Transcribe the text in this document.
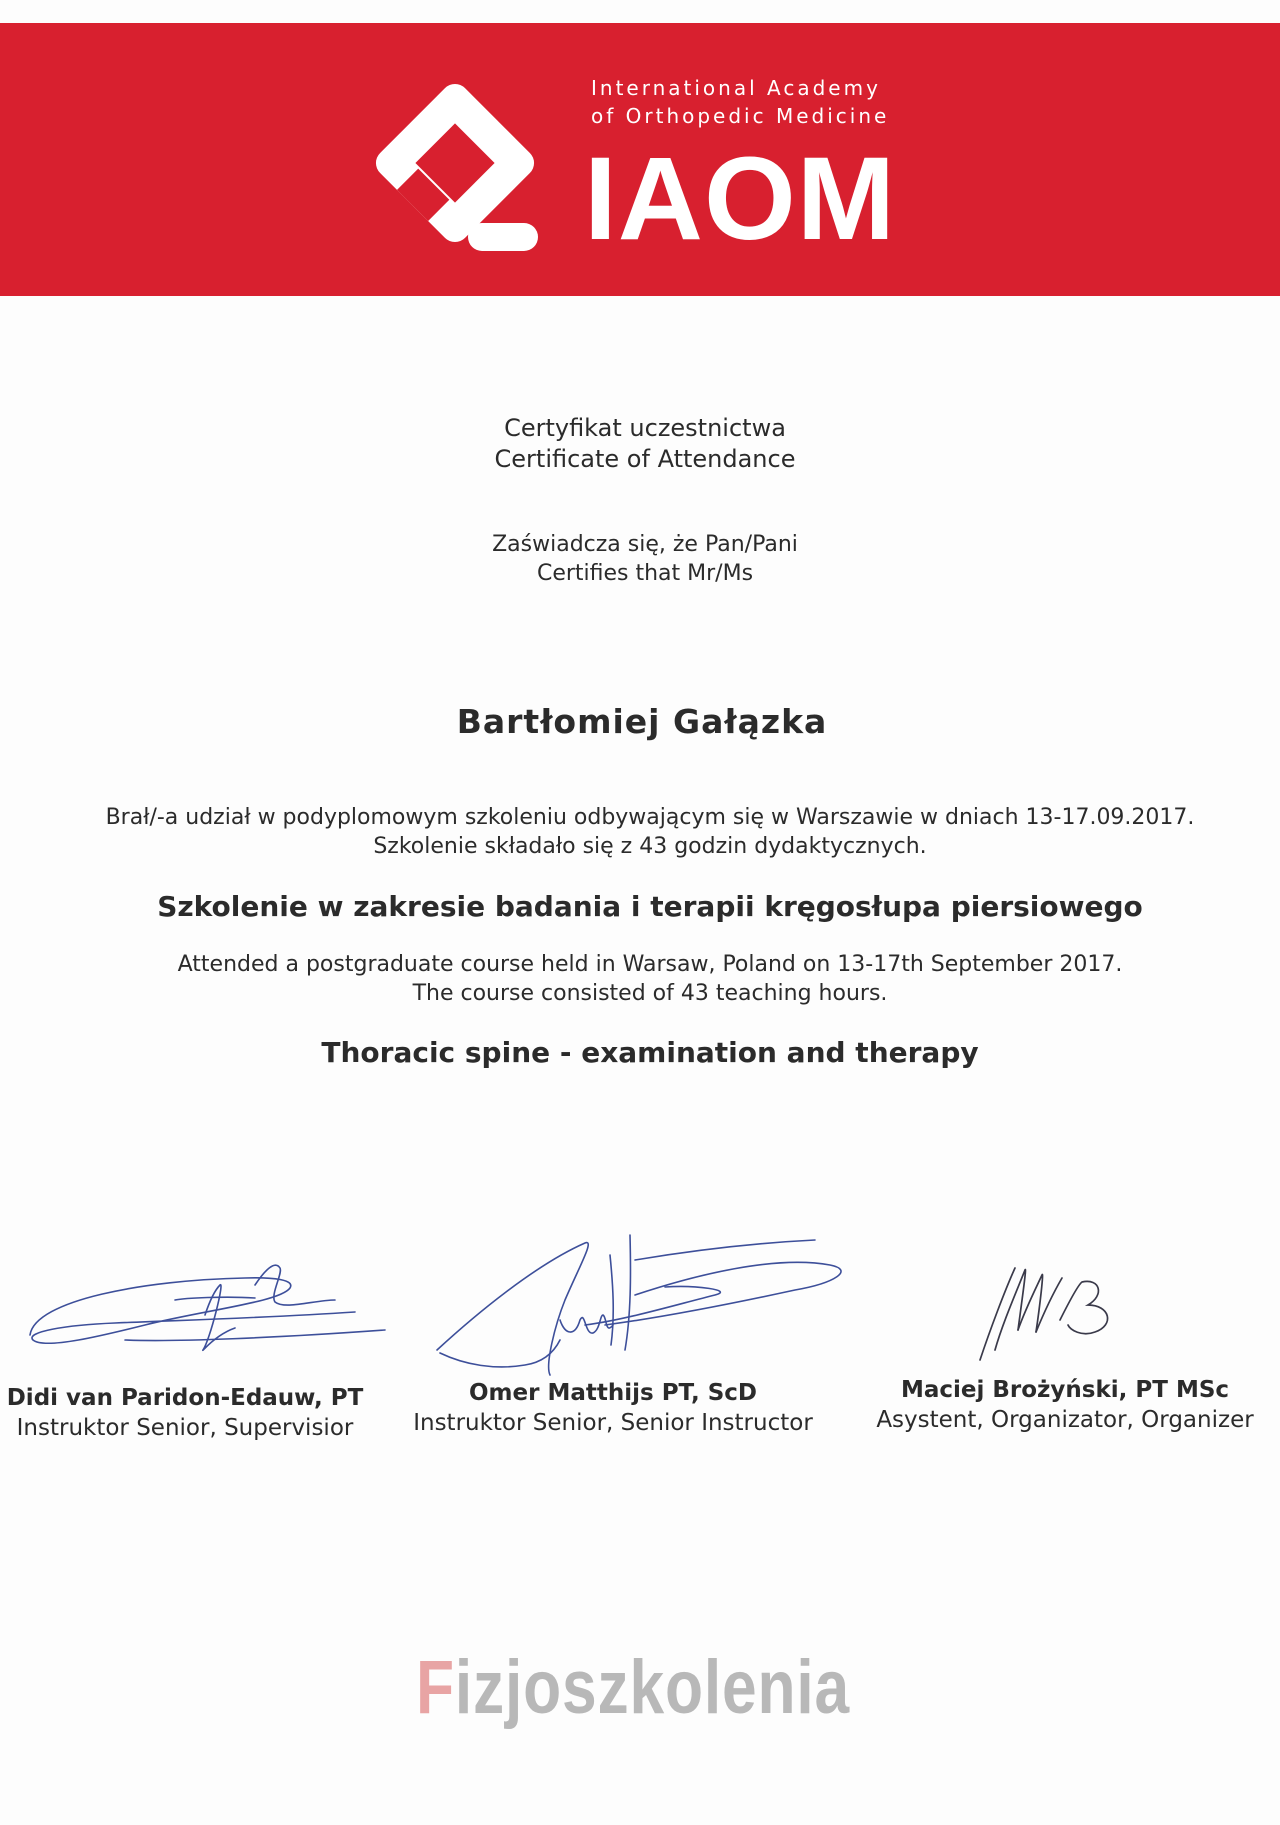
International Academy
of Orthopedic Medicine
IAOM
Certyfikat uczestnictwa
Certificate of Attendance
Zaświadcza się, że Pan/Pani
Certifies that Mr/Ms
Bartłomiej Gałązka
Brał/-a udział w podyplomowym szkoleniu odbywającym się w Warszawie w dniach 13-17.09.2017.
Szkolenie składało się z 43 godzin dydaktycznych.
Szkolenie w zakresie badania i terapii kręgosłupa piersiowego
Attended a postgraduate course held in Warsaw, Poland on 13-17th September 2017.
The course consisted of 43 teaching hours.
Thoracic spine - examination and therapy
Didi van Paridon-Edauw, PT
Instruktor Senior, Supervisior
Omer Matthijs PT, ScD
Instruktor Senior, Senior Instructor
Maciej Brożyński, PT MSc
Asystent, Organizator, Organizer
Fizjoszkolenia
